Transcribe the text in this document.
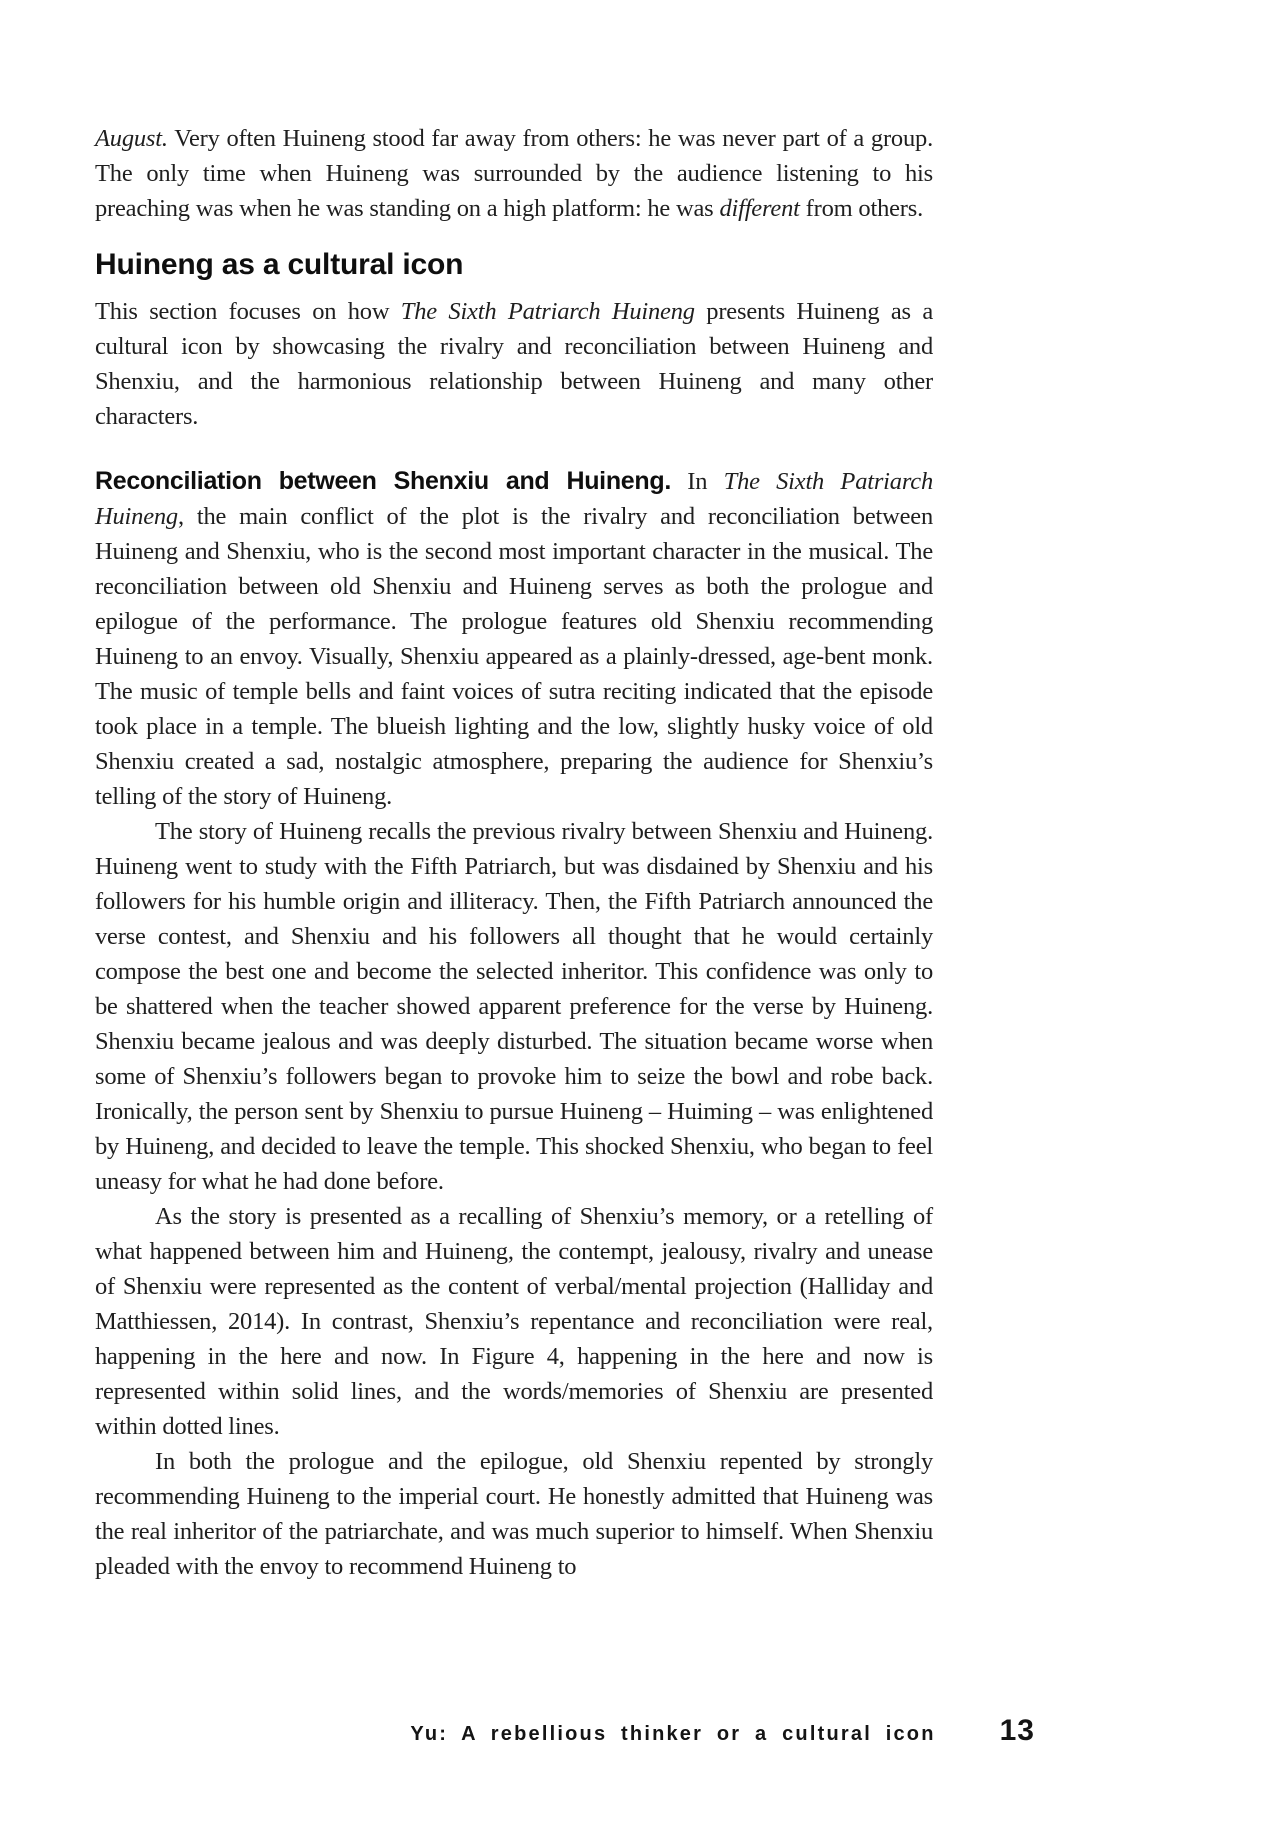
August. Very often Huineng stood far away from others: he was never part of a group. The only time when Huineng was surrounded by the audience listening to his preaching was when he was standing on a high platform: he was different from others.

Huineng as a cultural icon

This section focuses on how The Sixth Patriarch Huineng presents Huineng as a cultural icon by showcasing the rivalry and reconciliation between Huineng and Shenxiu, and the harmonious relationship between Huineng and many other characters.

Reconciliation between Shenxiu and Huineng. In The Sixth Patriarch Huineng, the main conflict of the plot is the rivalry and reconciliation between Huineng and Shenxiu, who is the second most important character in the musical. The reconciliation between old Shenxiu and Huineng serves as both the prologue and epilogue of the performance. The prologue features old Shenxiu recommending Huineng to an envoy. Visually, Shenxiu appeared as a plainly-dressed, age-bent monk. The music of temple bells and faint voices of sutra reciting indicated that the episode took place in a temple. The blueish lighting and the low, slightly husky voice of old Shenxiu created a sad, nostalgic atmosphere, preparing the audience for Shenxiu’s telling of the story of Huineng.

The story of Huineng recalls the previous rivalry between Shenxiu and Huineng. Huineng went to study with the Fifth Patriarch, but was disdained by Shenxiu and his followers for his humble origin and illiteracy. Then, the Fifth Patriarch announced the verse contest, and Shenxiu and his followers all thought that he would certainly compose the best one and become the selected inheritor. This confidence was only to be shattered when the teacher showed apparent preference for the verse by Huineng. Shenxiu became jealous and was deeply disturbed. The situation became worse when some of Shenxiu’s followers began to provoke him to seize the bowl and robe back. Ironically, the person sent by Shenxiu to pursue Huineng – Huiming – was enlightened by Huineng, and decided to leave the temple. This shocked Shenxiu, who began to feel uneasy for what he had done before.

As the story is presented as a recalling of Shenxiu’s memory, or a retelling of what happened between him and Huineng, the contempt, jealousy, rivalry and unease of Shenxiu were represented as the content of verbal/mental projection (Halliday and Matthiessen, 2014). In contrast, Shenxiu’s repentance and reconciliation were real, happening in the here and now. In Figure 4, happening in the here and now is represented within solid lines, and the words/memories of Shenxiu are presented within dotted lines.

In both the prologue and the epilogue, old Shenxiu repented by strongly recommending Huineng to the imperial court. He honestly admitted that Huineng was the real inheritor of the patriarchate, and was much superior to himself. When Shenxiu pleaded with the envoy to recommend Huineng to

Yu: A rebellious thinker or a cultural icon 13
